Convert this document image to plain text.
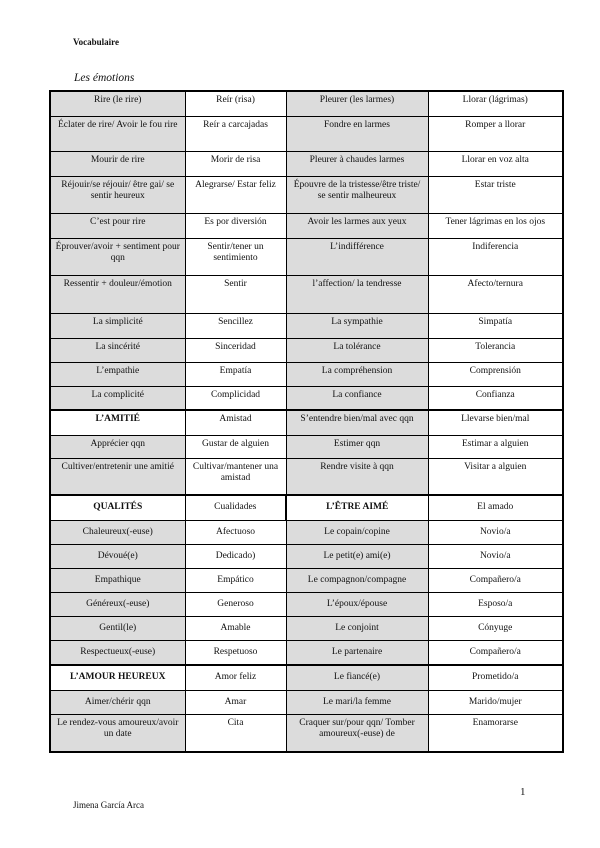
Vocabulaire
Les émotions
Rire (le rire)	Reír (risa)	Pleurer (les larmes)	Llorar (lágrimas)
Éclater de rire/ Avoir le fou rire	Reír a carcajadas	Fondre en larmes	Romper a llorar
Mourir de rire	Morir de risa	Pleurer à chaudes larmes	Llorar en voz alta
Réjouir/se réjouir/ être gai/ se sentir heureux	Alegrarse/ Estar feliz	Épouvre de la tristesse/être triste/ se sentir malheureux	Estar triste
C’est pour rire	Es por diversión	Avoir les larmes aux yeux	Tener lágrimas en los ojos
Éprouver/avoir + sentiment pour qqn	Sentir/tener un sentimiento	L’indifférence	Indiferencia
Ressentir + douleur/émotion	Sentir	l’affection/ la tendresse	Afecto/ternura
La simplicité	Sencillez	La sympathie	Simpatía
La sincérité	Sinceridad	La tolérance	Tolerancia
L’empathie	Empatía	La compréhension	Comprensión
La complicité	Complicidad	La confiance	Confianza
L’AMITIÉ	Amistad	S’entendre bien/mal avec qqn	Llevarse bien/mal
Apprécier qqn	Gustar de alguien	Estimer qqn	Estimar a alguien
Cultiver/entretenir une amitié	Cultivar/mantener una amistad	Rendre visite à qqn	Visitar a alguien
QUALITÉS	Cualidades	L’ÊTRE AIMÉ	El amado
Chaleureux(-euse)	Afectuoso	Le copain/copine	Novio/a
Dévoué(e)	Dedicado)	Le petit(e) ami(e)	Novio/a
Empathique	Empático	Le compagnon/compagne	Compañero/a
Généreux(-euse)	Generoso	L’époux/épouse	Esposo/a
Gentil(le)	Amable	Le conjoint	Cónyuge
Respectueux(-euse)	Respetuoso	Le partenaire	Compañero/a
L’AMOUR HEUREUX	Amor feliz	Le fiancé(e)	Prometido/a
Aimer/chérir qqn	Amar	Le mari/la femme	Marido/mujer
Le rendez-vous amoureux/avoir un date	Cita	Craquer sur/pour qqn/ Tomber amoureux(-euse) de	Enamorarse
1
Jimena García Arca
